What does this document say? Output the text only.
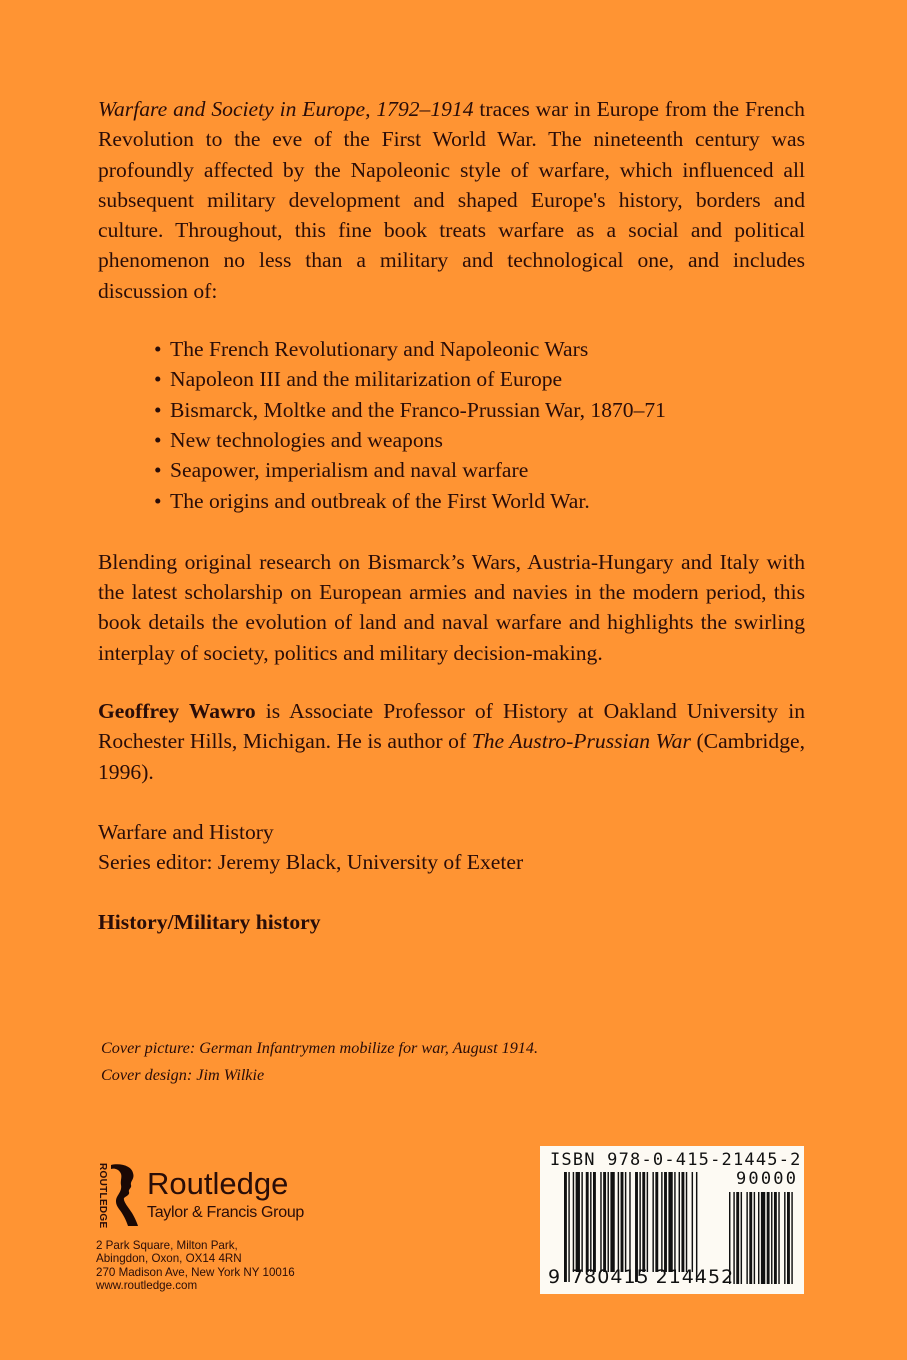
Warfare and Society in Europe, 1792–1914 traces war in Europe from the French Revolution to the eve of the First World War. The nineteenth century was profoundly affected by the Napoleonic style of warfare, which influenced all subsequent military development and shaped Europe's history, borders and culture. Throughout, this fine book treats warfare as a social and political phenomenon no less than a military and technological one, and includes discussion of:

• The French Revolutionary and Napoleonic Wars
• Napoleon III and the militarization of Europe
• Bismarck, Moltke and the Franco-Prussian War, 1870–71
• New technologies and weapons
• Seapower, imperialism and naval warfare
• The origins and outbreak of the First World War.

Blending original research on Bismarck’s Wars, Austria-Hungary and Italy with the latest scholarship on European armies and navies in the modern period, this book details the evolution of land and naval warfare and highlights the swirling interplay of society, politics and military decision-making.

Geoffrey Wawro is Associate Professor of History at Oakland University in Rochester Hills, Michigan. He is author of The Austro-Prussian War (Cambridge, 1996).

Warfare and History
Series editor: Jeremy Black, University of Exeter
History/Military history
Cover picture: German Infantrymen mobilize for war, August 1914.
Cover design: Jim Wilkie
ROUTLEDGE Routledge
Taylor & Francis Group
2 Park Square, Milton Park,
Abingdon, Oxon, OX14 4RN
270 Madison Ave, New York NY 10016
www.routledge.com
ISBN 978-0-415-21445-2
90000
9 780415 214452
